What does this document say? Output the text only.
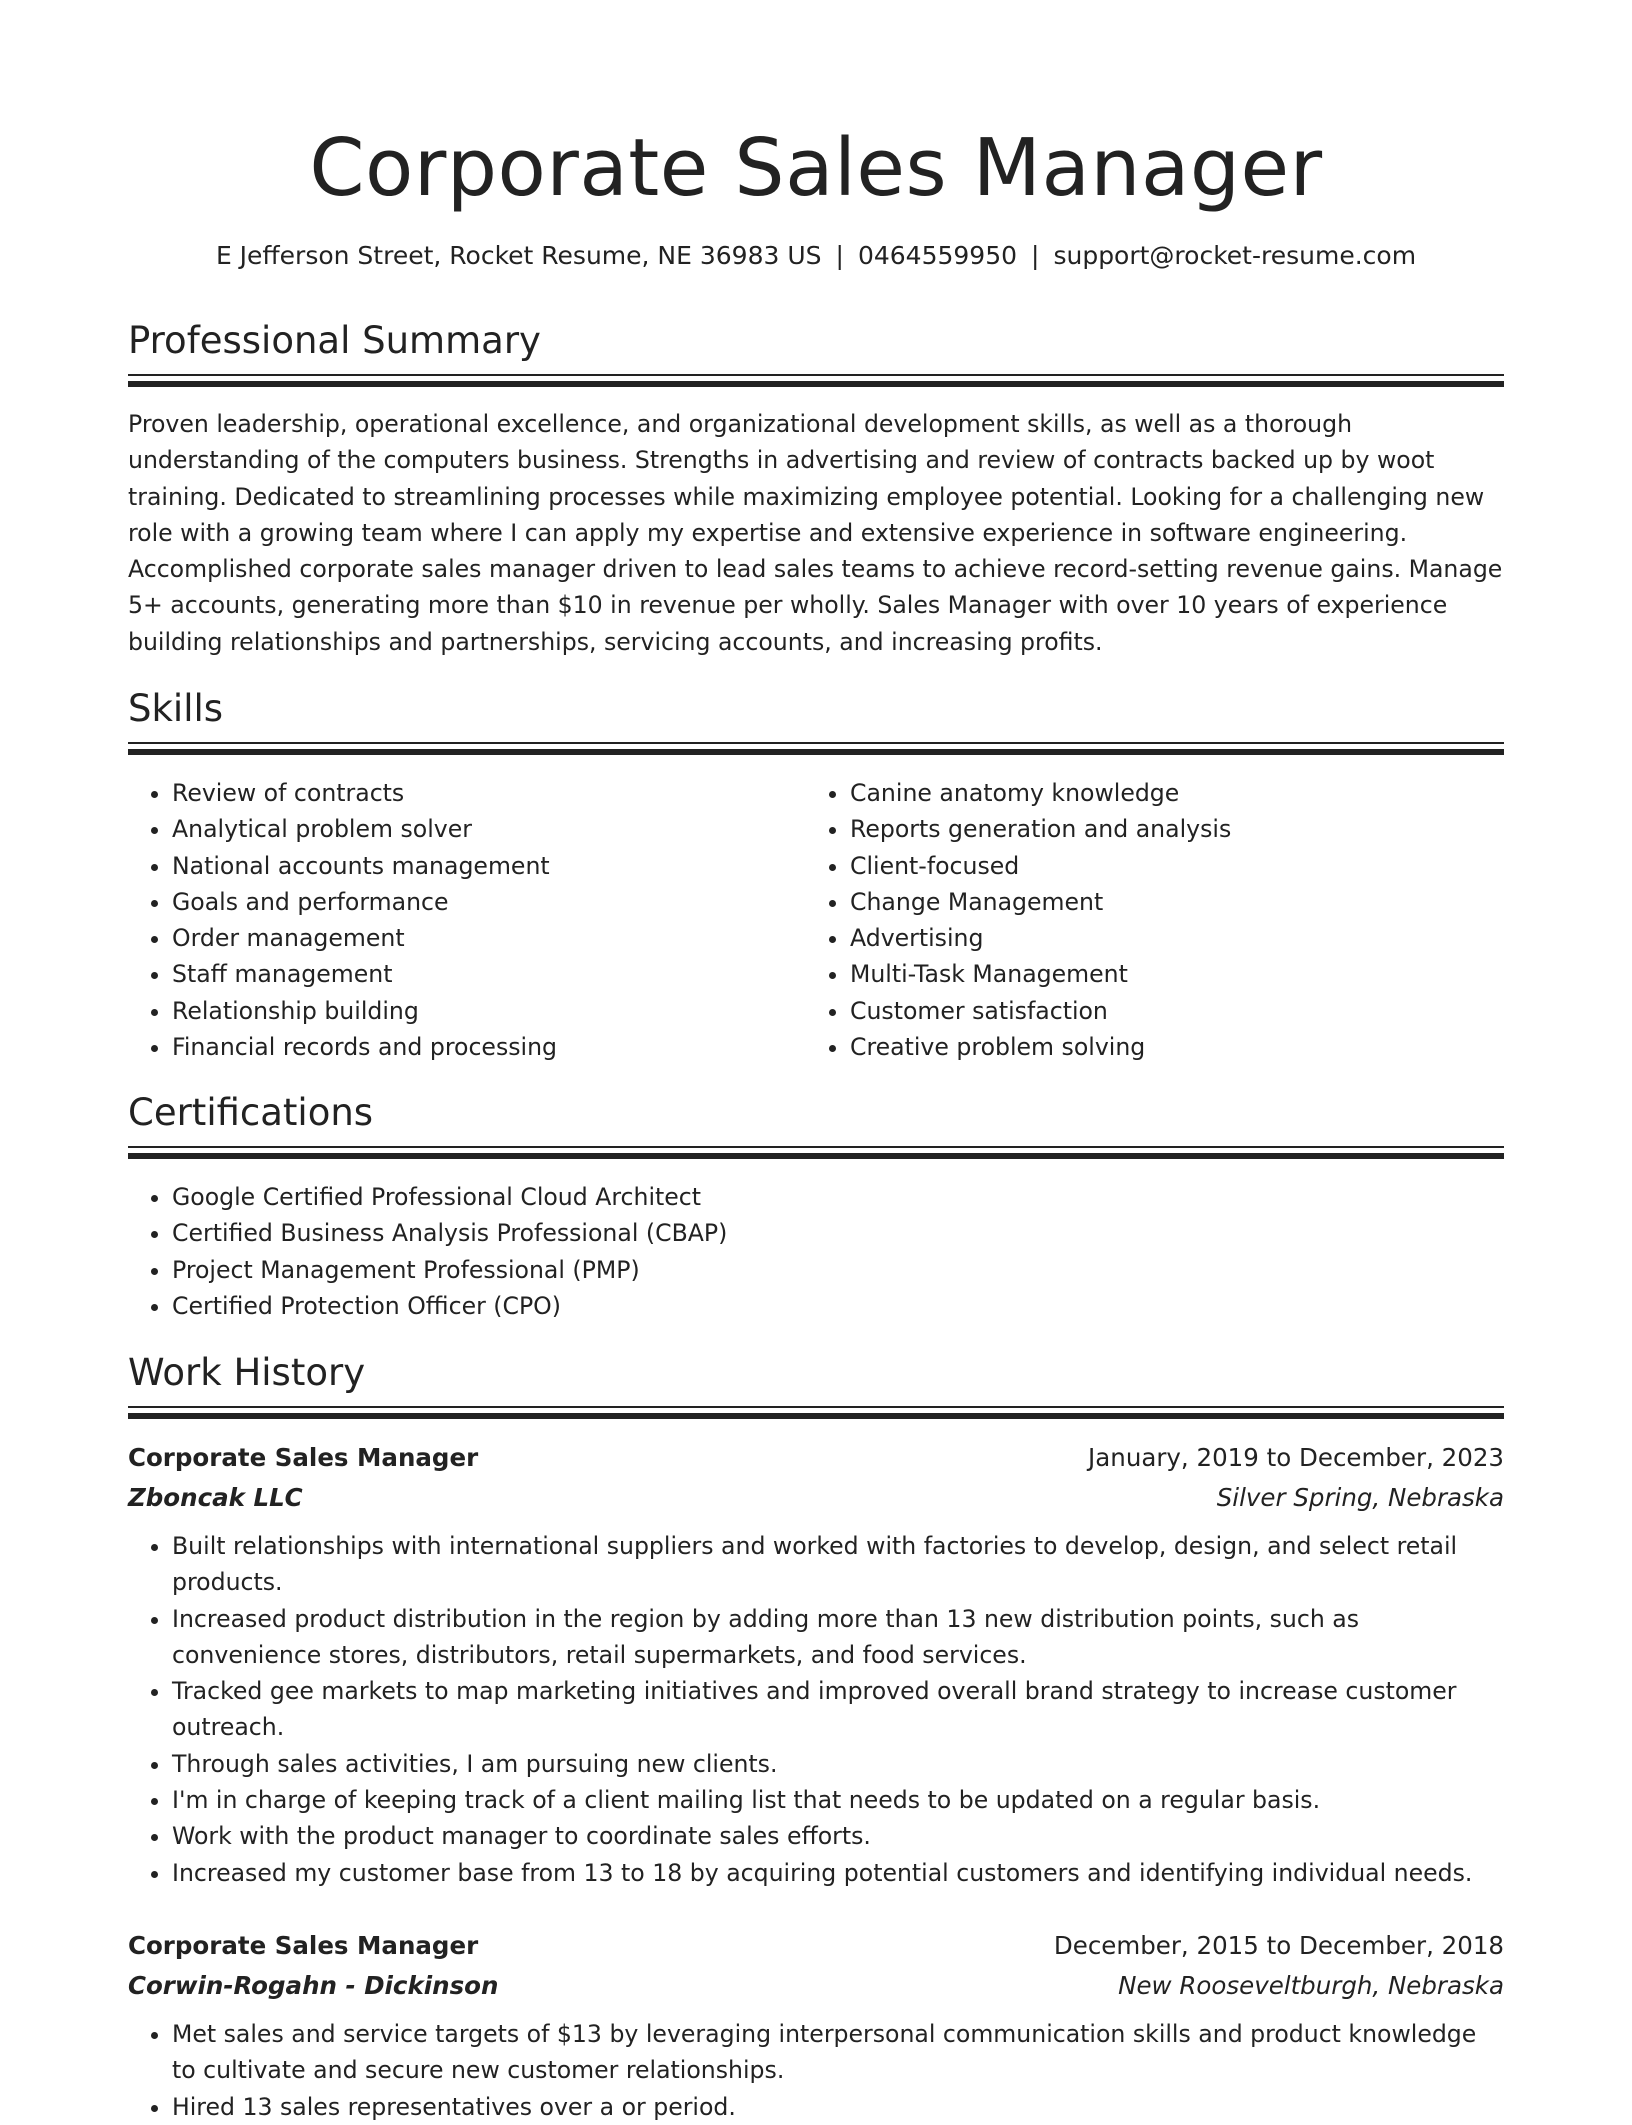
Corporate Sales Manager
E Jefferson Street, Rocket Resume, NE 36983 US | 0464559950 | support@rocket-resume.com
Professional Summary

Proven leadership, operational excellence, and organizational development skills, as well as a thorough understanding of the computers business. Strengths in advertising and review of contracts backed up by woot training. Dedicated to streamlining processes while maximizing employee potential. Looking for a challenging new role with a growing team where I can apply my expertise and extensive experience in software engineering. Accomplished corporate sales manager driven to lead sales teams to achieve record-setting revenue gains. Manage 5+ accounts, generating more than $10 in revenue per wholly. Sales Manager with over 10 years of experience building relationships and partnerships, servicing accounts, and increasing profits.

Skills
• Review of contracts
• Analytical problem solver
• National accounts management
• Goals and performance
• Order management
• Staff management
• Relationship building
• Financial records and processing
• Canine anatomy knowledge
• Reports generation and analysis
• Client-focused
• Change Management
• Advertising
• Multi-Task Management
• Customer satisfaction
• Creative problem solving
Certifications
• Google Certified Professional Cloud Architect
• Certified Business Analysis Professional (CBAP)
• Project Management Professional (PMP)
• Certified Protection Officer (CPO)
Work History
Corporate Sales Manager	January, 2019 to December, 2023
Zboncak LLC	Silver Spring, Nebraska
• Built relationships with international suppliers and worked with factories to develop, design, and select retail products.
• Increased product distribution in the region by adding more than 13 new distribution points, such as convenience stores, distributors, retail supermarkets, and food services.
• Tracked gee markets to map marketing initiatives and improved overall brand strategy to increase customer outreach.
• Through sales activities, I am pursuing new clients.
• I'm in charge of keeping track of a client mailing list that needs to be updated on a regular basis.
• Work with the product manager to coordinate sales efforts.
• Increased my customer base from 13 to 18 by acquiring potential customers and identifying individual needs.
Corporate Sales Manager	December, 2015 to December, 2018
Corwin-Rogahn - Dickinson	New Rooseveltburgh, Nebraska
• Met sales and service targets of $13 by leveraging interpersonal communication skills and product knowledge to cultivate and secure new customer relationships.
• Hired 13 sales representatives over a or period.
